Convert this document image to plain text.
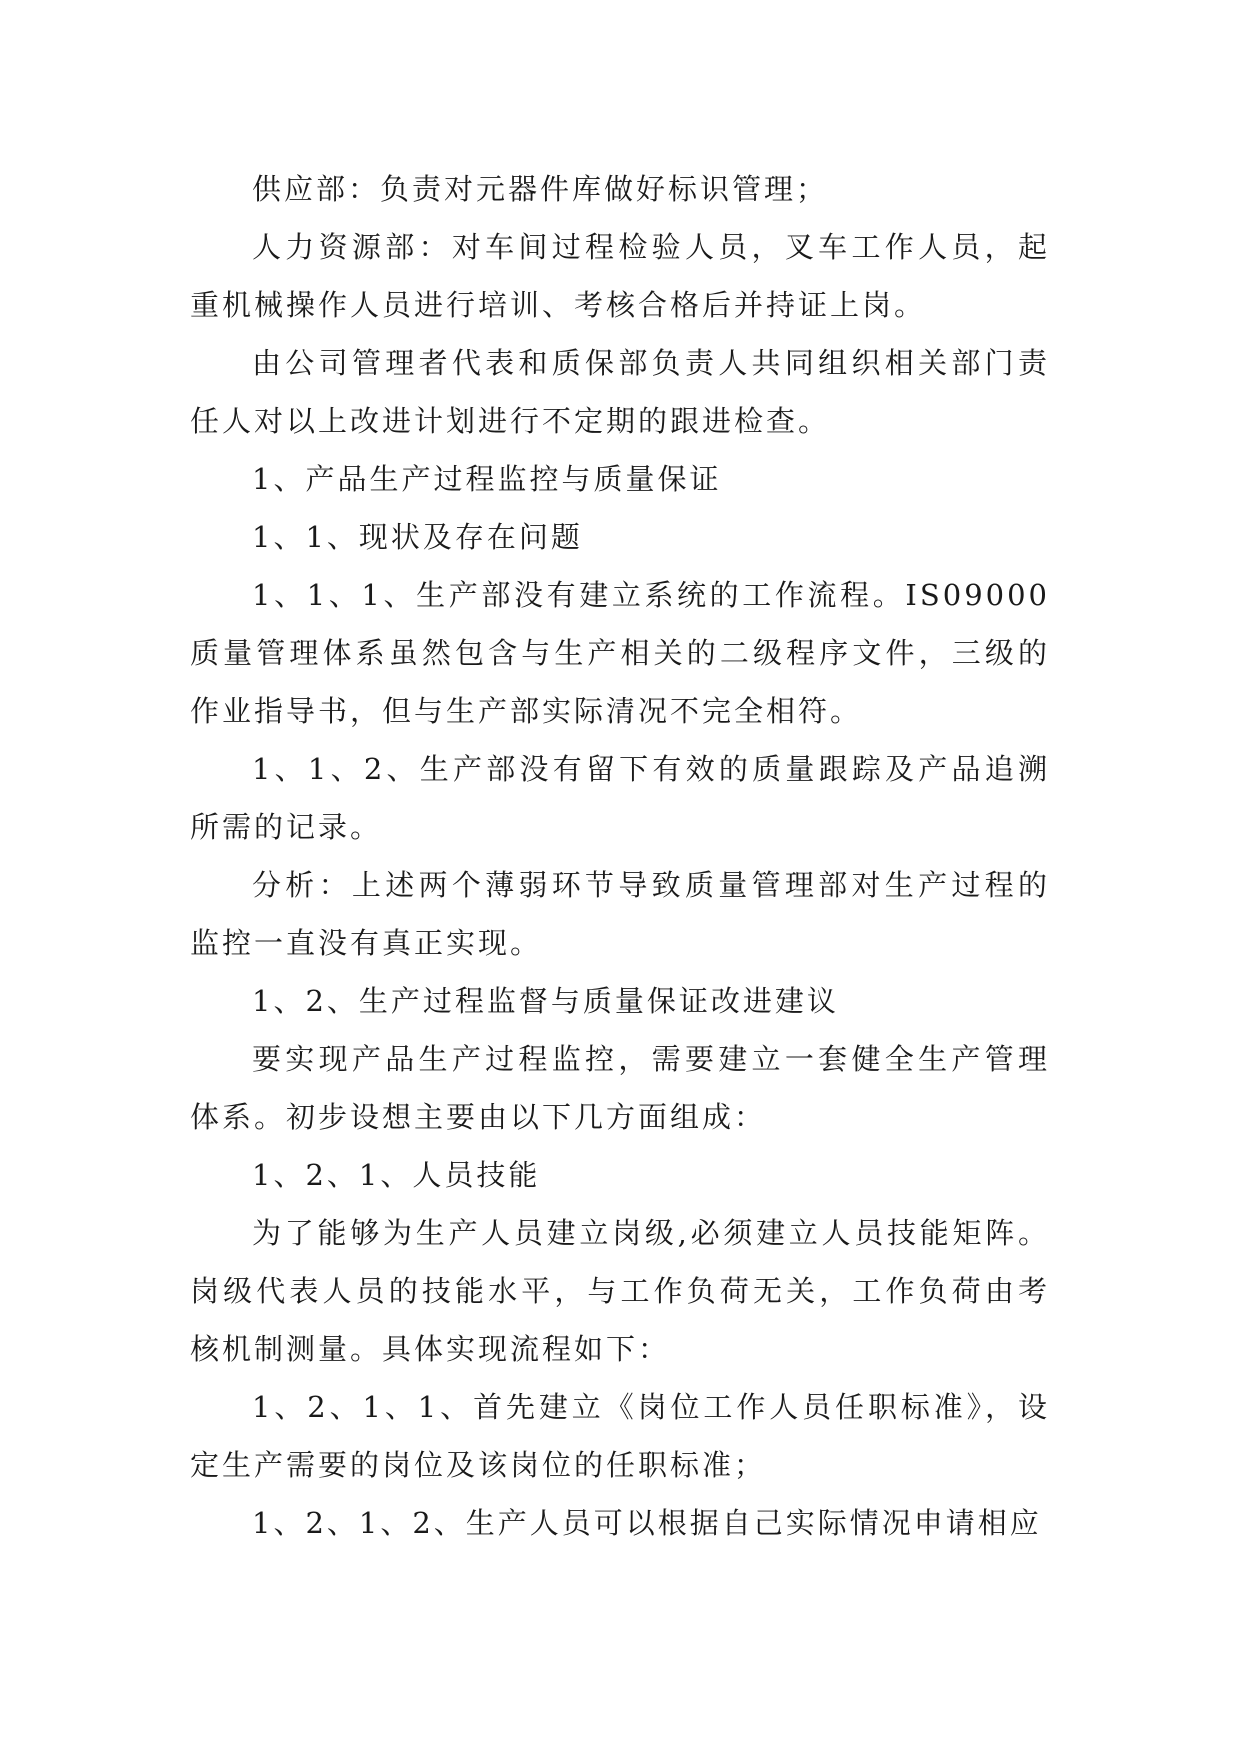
供应部：负责对元器件库做好标识管理；

人力资源部：对车间过程检验人员，叉车工作人员，起重机械操作人员进行培训、考核合格后并持证上岗。

由公司管理者代表和质保部负责人共同组织相关部门责任人对以上改进计划进行不定期的跟进检查。

1、产品生产过程监控与质量保证

1、1、现状及存在问题

1、1、1、生产部没有建立系统的工作流程。IS09000质量管理体系虽然包含与生产相关的二级程序文件，三级的作业指导书，但与生产部实际清况不完全相符。

1、1、2、生产部没有留下有效的质量跟踪及产品追溯所需的记录。

分析：上述两个薄弱环节导致质量管理部对生产过程的监控一直没有真正实现。

1、2、生产过程监督与质量保证改进建议

要实现产品生产过程监控，需要建立一套健全生产管理体系。初步设想主要由以下几方面组成：

1、2、1、人员技能

为了能够为生产人员建立岗级,必须建立人员技能矩阵。岗级代表人员的技能水平，与工作负荷无关，工作负荷由考核机制测量。具体实现流程如下：

1、2、1、1、首先建立《岗位工作人员任职标准》，设定生产需要的岗位及该岗位的任职标准；

1、2、1、2、生产人员可以根据自己实际情况申请相应
